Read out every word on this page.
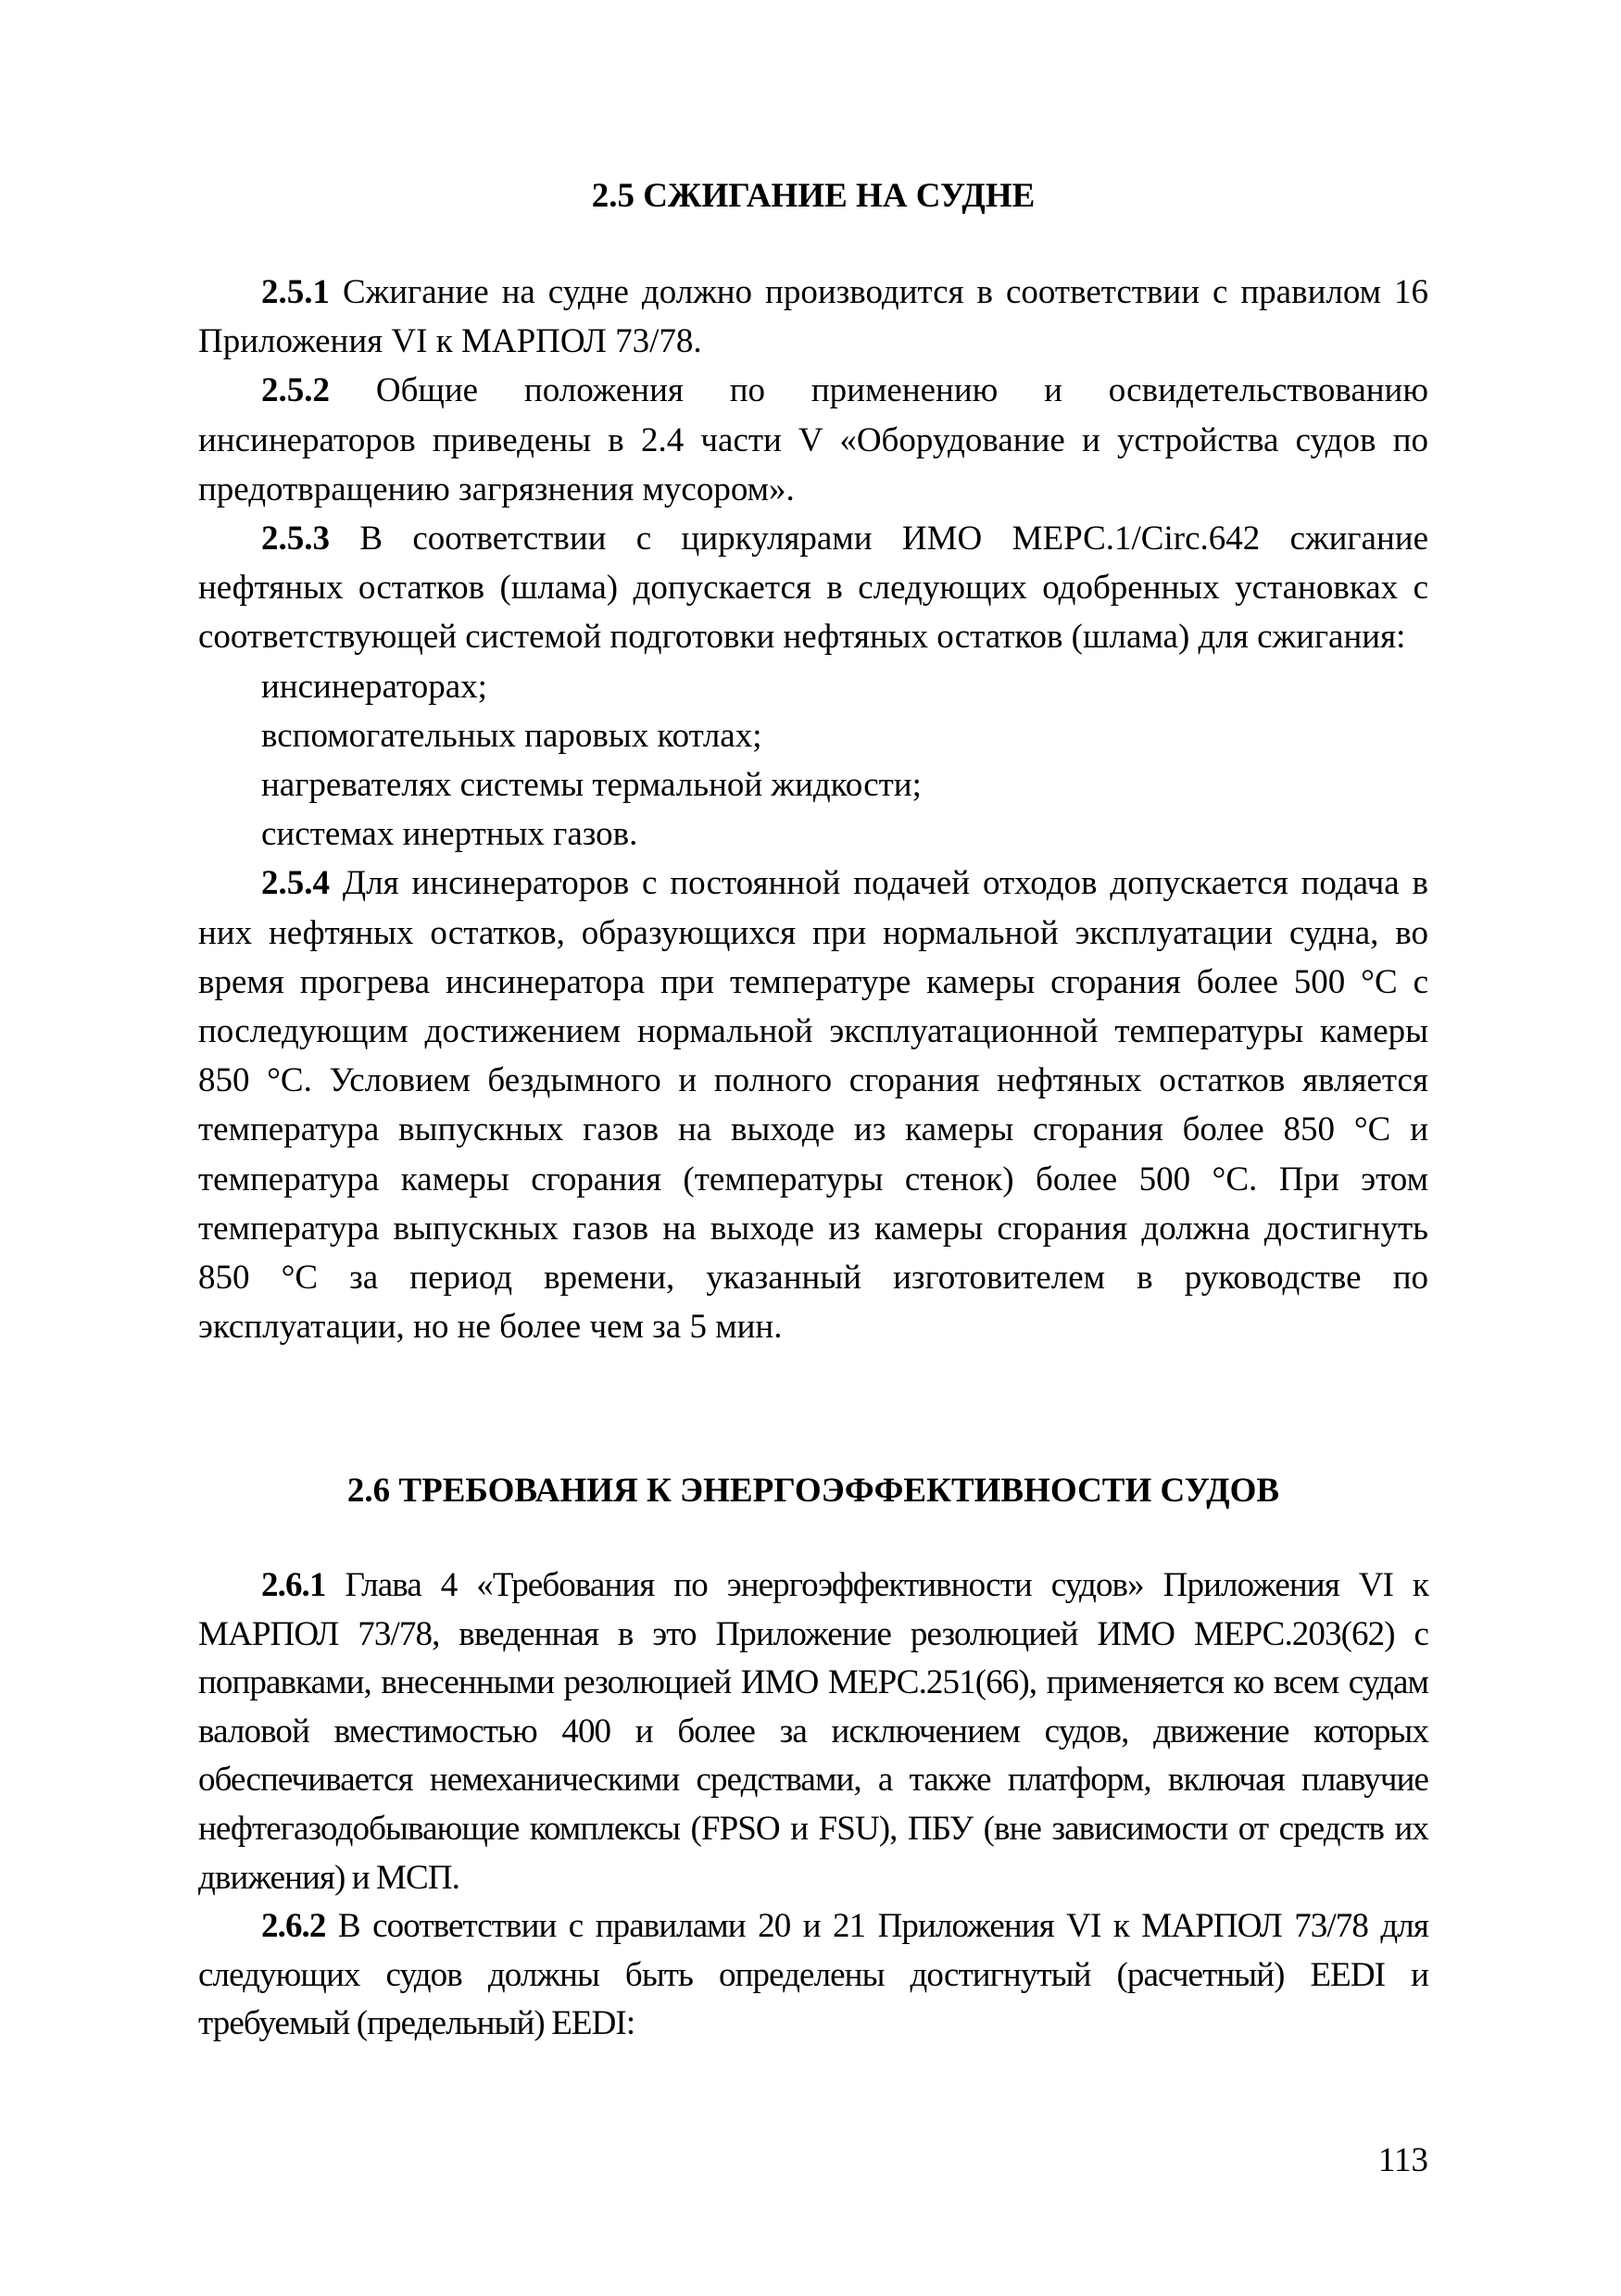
2.5 СЖИГАНИЕ НА СУДНЕ

2.5.1 Сжигание на судне должно производится в соответствии с правилом 16 Приложения VI к МАРПОЛ 73/78.

2.5.2 Общие положения по применению и освидетельствованию инсинераторов приведены в 2.4 части V «Оборудование и устройства судов по предотвращению загрязнения мусором».

2.5.3 В соответствии с циркулярами ИМО МЕРС.1/Circ.642 сжигание нефтяных остатков (шлама) допускается в следующих одобренных установках с соответствующей системой подготовки нефтяных остатков (шлама) для сжигания:

инсинераторах;

вспомогательных паровых котлах;

нагревателях системы термальной жидкости;

системах инертных газов.

2.5.4 Для инсинераторов с постоянной подачей отходов допускается подача в них нефтяных остатков, образующихся при нормальной эксплуатации судна, во время прогрева инсинератора при температуре камеры сгорания более 500 °С с последующим достижением нормальной эксплуатационной температуры камеры 850 °С. Условием бездымного и полного сгорания нефтяных остатков является температура выпускных газов на выходе из камеры сгорания более 850 °С и температура камеры сгорания (температуры стенок) более 500 °С. При этом температура выпускных газов на выходе из камеры сгорания должна достигнуть 850 °С за период времени, указанный изготовителем в руководстве по эксплуатации, но не более чем за 5 мин.

2.6 ТРЕБОВАНИЯ К ЭНЕРГОЭФФЕКТИВНОСТИ СУДОВ

2.6.1 Глава 4 «Требования по энергоэффективности судов» Приложения VI к МАРПОЛ 73/78, введенная в это Приложение резолюцией ИМО МЕРС.203(62) с поправками, внесенными резолюцией ИМО МЕРС.251(66), применяется ко всем судам валовой вместимостью 400 и более за исключением судов, движение которых обеспечивается немеханическими средствами, а также платформ, включая плавучие нефтегазодобывающие комплексы (FPSO и FSU), ПБУ (вне зависимости от средств их движения) и МСП.

2.6.2 В соответствии с правилами 20 и 21 Приложения VI к МАРПОЛ 73/78 для следующих судов должны быть определены достигнутый (расчетный) EEDI и требуемый (предельный) EEDI:

113
